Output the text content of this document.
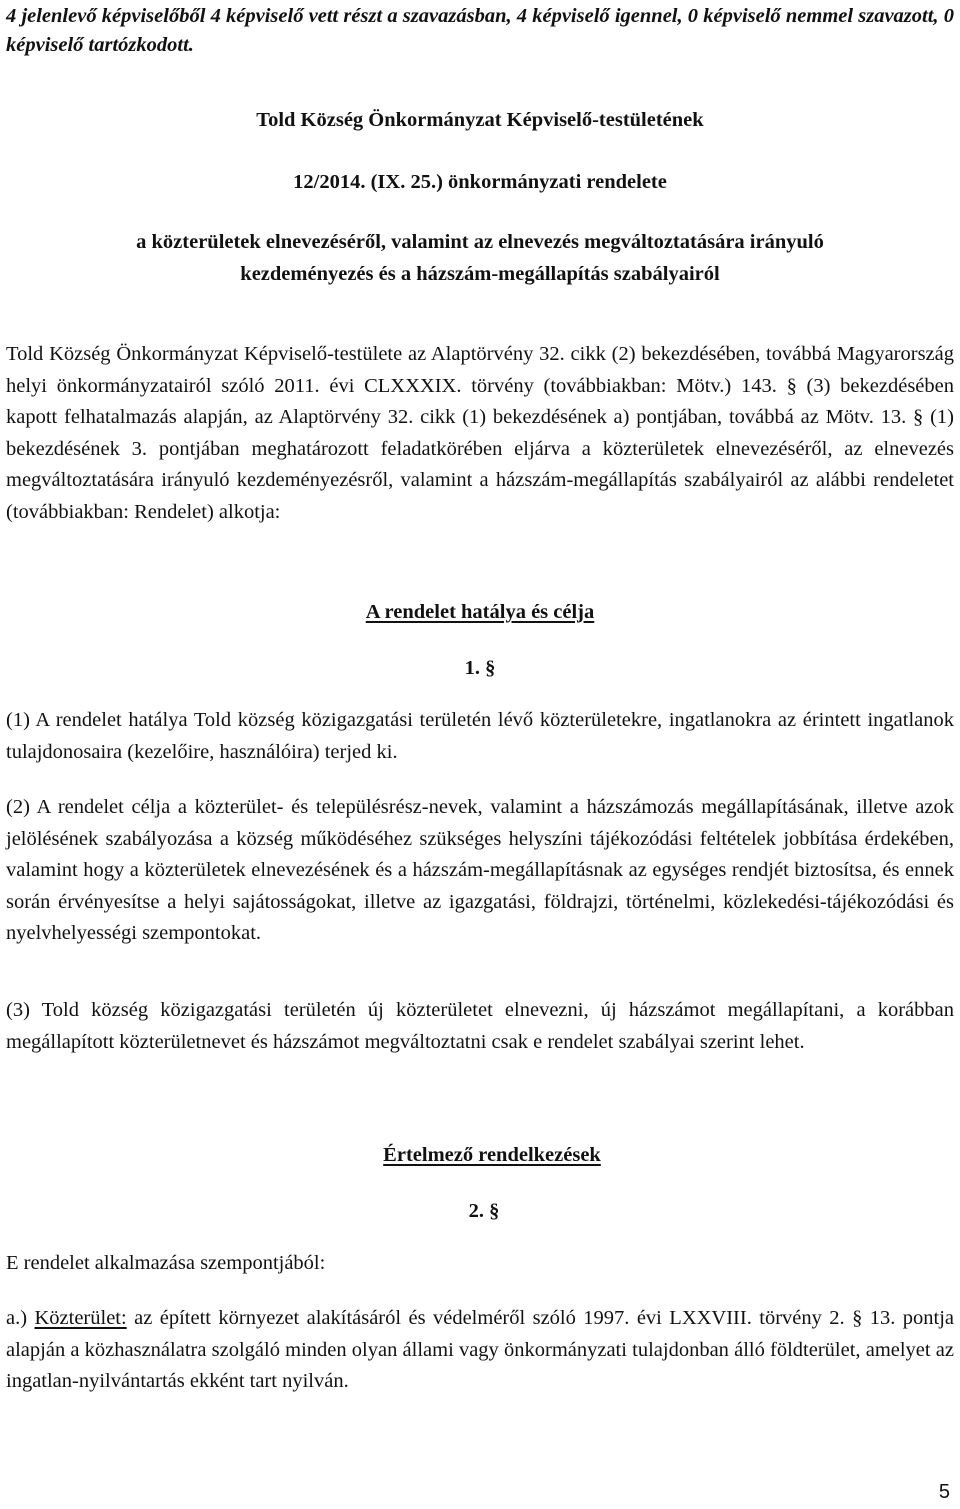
4 jelenlevő képviselőből 4 képviselő vett részt a szavazásban, 4 képviselő igennel, 0 képviselő nemmel szavazott, 0 képviselő tartózkodott.
Told Község Önkormányzat Képviselő-testületének
12/2014. (IX. 25.) önkormányzati rendelete
a közterületek elnevezéséről, valamint az elnevezés megváltoztatására irányuló
kezdeményezés és a házszám-megállapítás szabályairól
Told Község Önkormányzat Képviselő-testülete az Alaptörvény 32. cikk (2) bekezdésében, továbbá Magyarország helyi önkormányzatairól szóló 2011. évi CLXXXIX. törvény (továbbiakban: Mötv.) 143. § (3) bekezdésében kapott felhatalmazás alapján, az Alaptörvény 32. cikk (1) bekezdésének a) pontjában, továbbá az Mötv. 13. § (1) bekezdésének 3. pontjában meghatározott feladatkörében eljárva a közterületek elnevezéséről, az elnevezés megváltoztatására irányuló kezdeményezésről, valamint a házszám-megállapítás szabályairól az alábbi rendeletet (továbbiakban: Rendelet) alkotja:
A rendelet hatálya és célja
1. §
(1) A rendelet hatálya Told község közigazgatási területén lévő közterületekre, ingatlanokra az érintett ingatlanok tulajdonosaira (kezelőire, használóira) terjed ki.
(2) A rendelet célja a közterület- és településrész-nevek, valamint a házszámozás megállapításának, illetve azok jelölésének szabályozása a község működéséhez szükséges helyszíni tájékozódási feltételek jobbítása érdekében, valamint hogy a közterületek elnevezésének és a házszám-megállapításnak az egységes rendjét biztosítsa, és ennek során érvényesítse a helyi sajátosságokat, illetve az igazgatási, földrajzi, történelmi, közlekedési-tájékozódási és nyelvhelyességi szempontokat.
(3) Told község közigazgatási területén új közterületet elnevezni, új házszámot megállapítani, a korábban megállapított közterületnevet és házszámot megváltoztatni csak e rendelet szabályai szerint lehet.
Értelmező rendelkezések
2. §
E rendelet alkalmazása szempontjából:
a.) Közterület: az épített környezet alakításáról és védelméről szóló 1997. évi LXXVIII. törvény 2. § 13. pontja alapján a közhasználatra szolgáló minden olyan állami vagy önkormányzati tulajdonban álló földterület, amelyet az ingatlan-nyilvántartás ekként tart nyilván.
5
